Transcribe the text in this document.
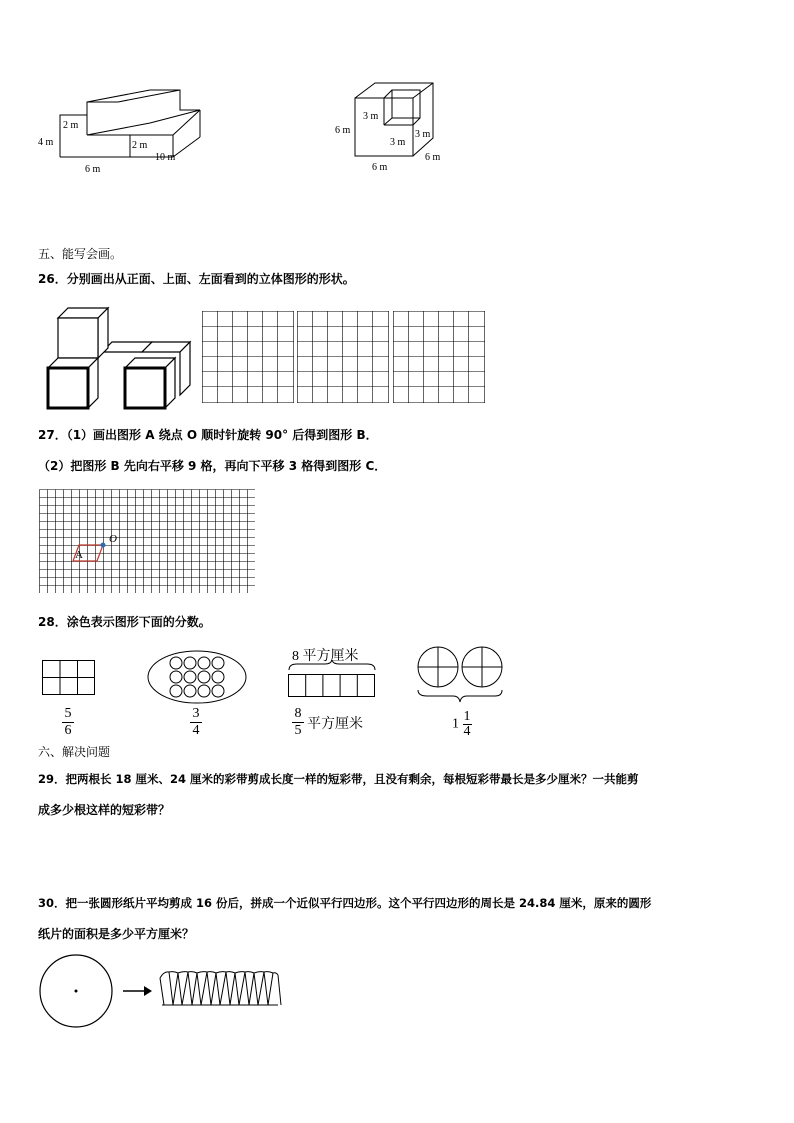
4 m
2 m
2 m
6 m
10 m
3 m
3 m
3 m
6 m
6 m
6 m
五、能写会画。
26．分别画出从正面、上面、左面看到的立体图形的形状。
27．（1）画出图形 A 绕点 O 顺时针旋转 90° 后得到图形 B．
（2）把图形 B 先向右平移 9 格，再向下平移 3 格得到图形 C．
A
O
28．涂色表示图形下面的分数。
5
6
3
4
8 平方厘米
8
5 平方厘米	$1 \frac{1}{4}$
六、解决问题
29．把两根长 18 厘米、24 厘米的彩带剪成长度一样的短彩带，且没有剩余，每根短彩带最长是多少厘米？一共能剪
成多少根这样的短彩带？
30．把一张圆形纸片平均剪成 16 份后，拼成一个近似平行四边形。这个平行四边形的周长是 24.84 厘米，原来的圆形
纸片的面积是多少平方厘米？
